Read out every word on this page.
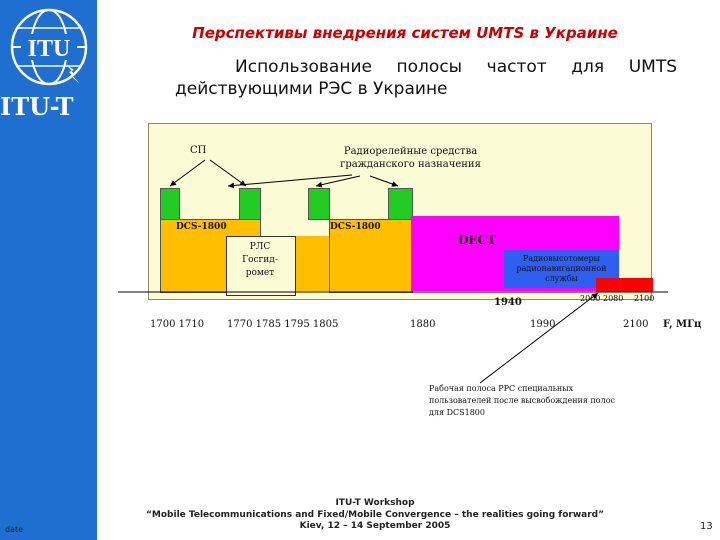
ITU
ITU-T
date
Перспективы внедрения систем UMTS в Украине
Использование полосы частот для UMTS
действующими РЭС в Украине
СП	Радиорелейные средства гражданского назначения
DCS-1800	DCS-1800
РЛС Госгид-ромет
DECT
Радиовысотомеры радионавигационной службы
1940	2000 2080 2100
1700 1710 1770 1785 1795 1805	1880	1990	2100 F, МГц
Рабочая полоса РРС специальных пользователей после высвобождения полос для DCS1800
ITU-T Workshop
“Mobile Telecommunications and Fixed/Mobile Convergence – the realities going forward”
Kiev, 12 – 14 September 2005	13
